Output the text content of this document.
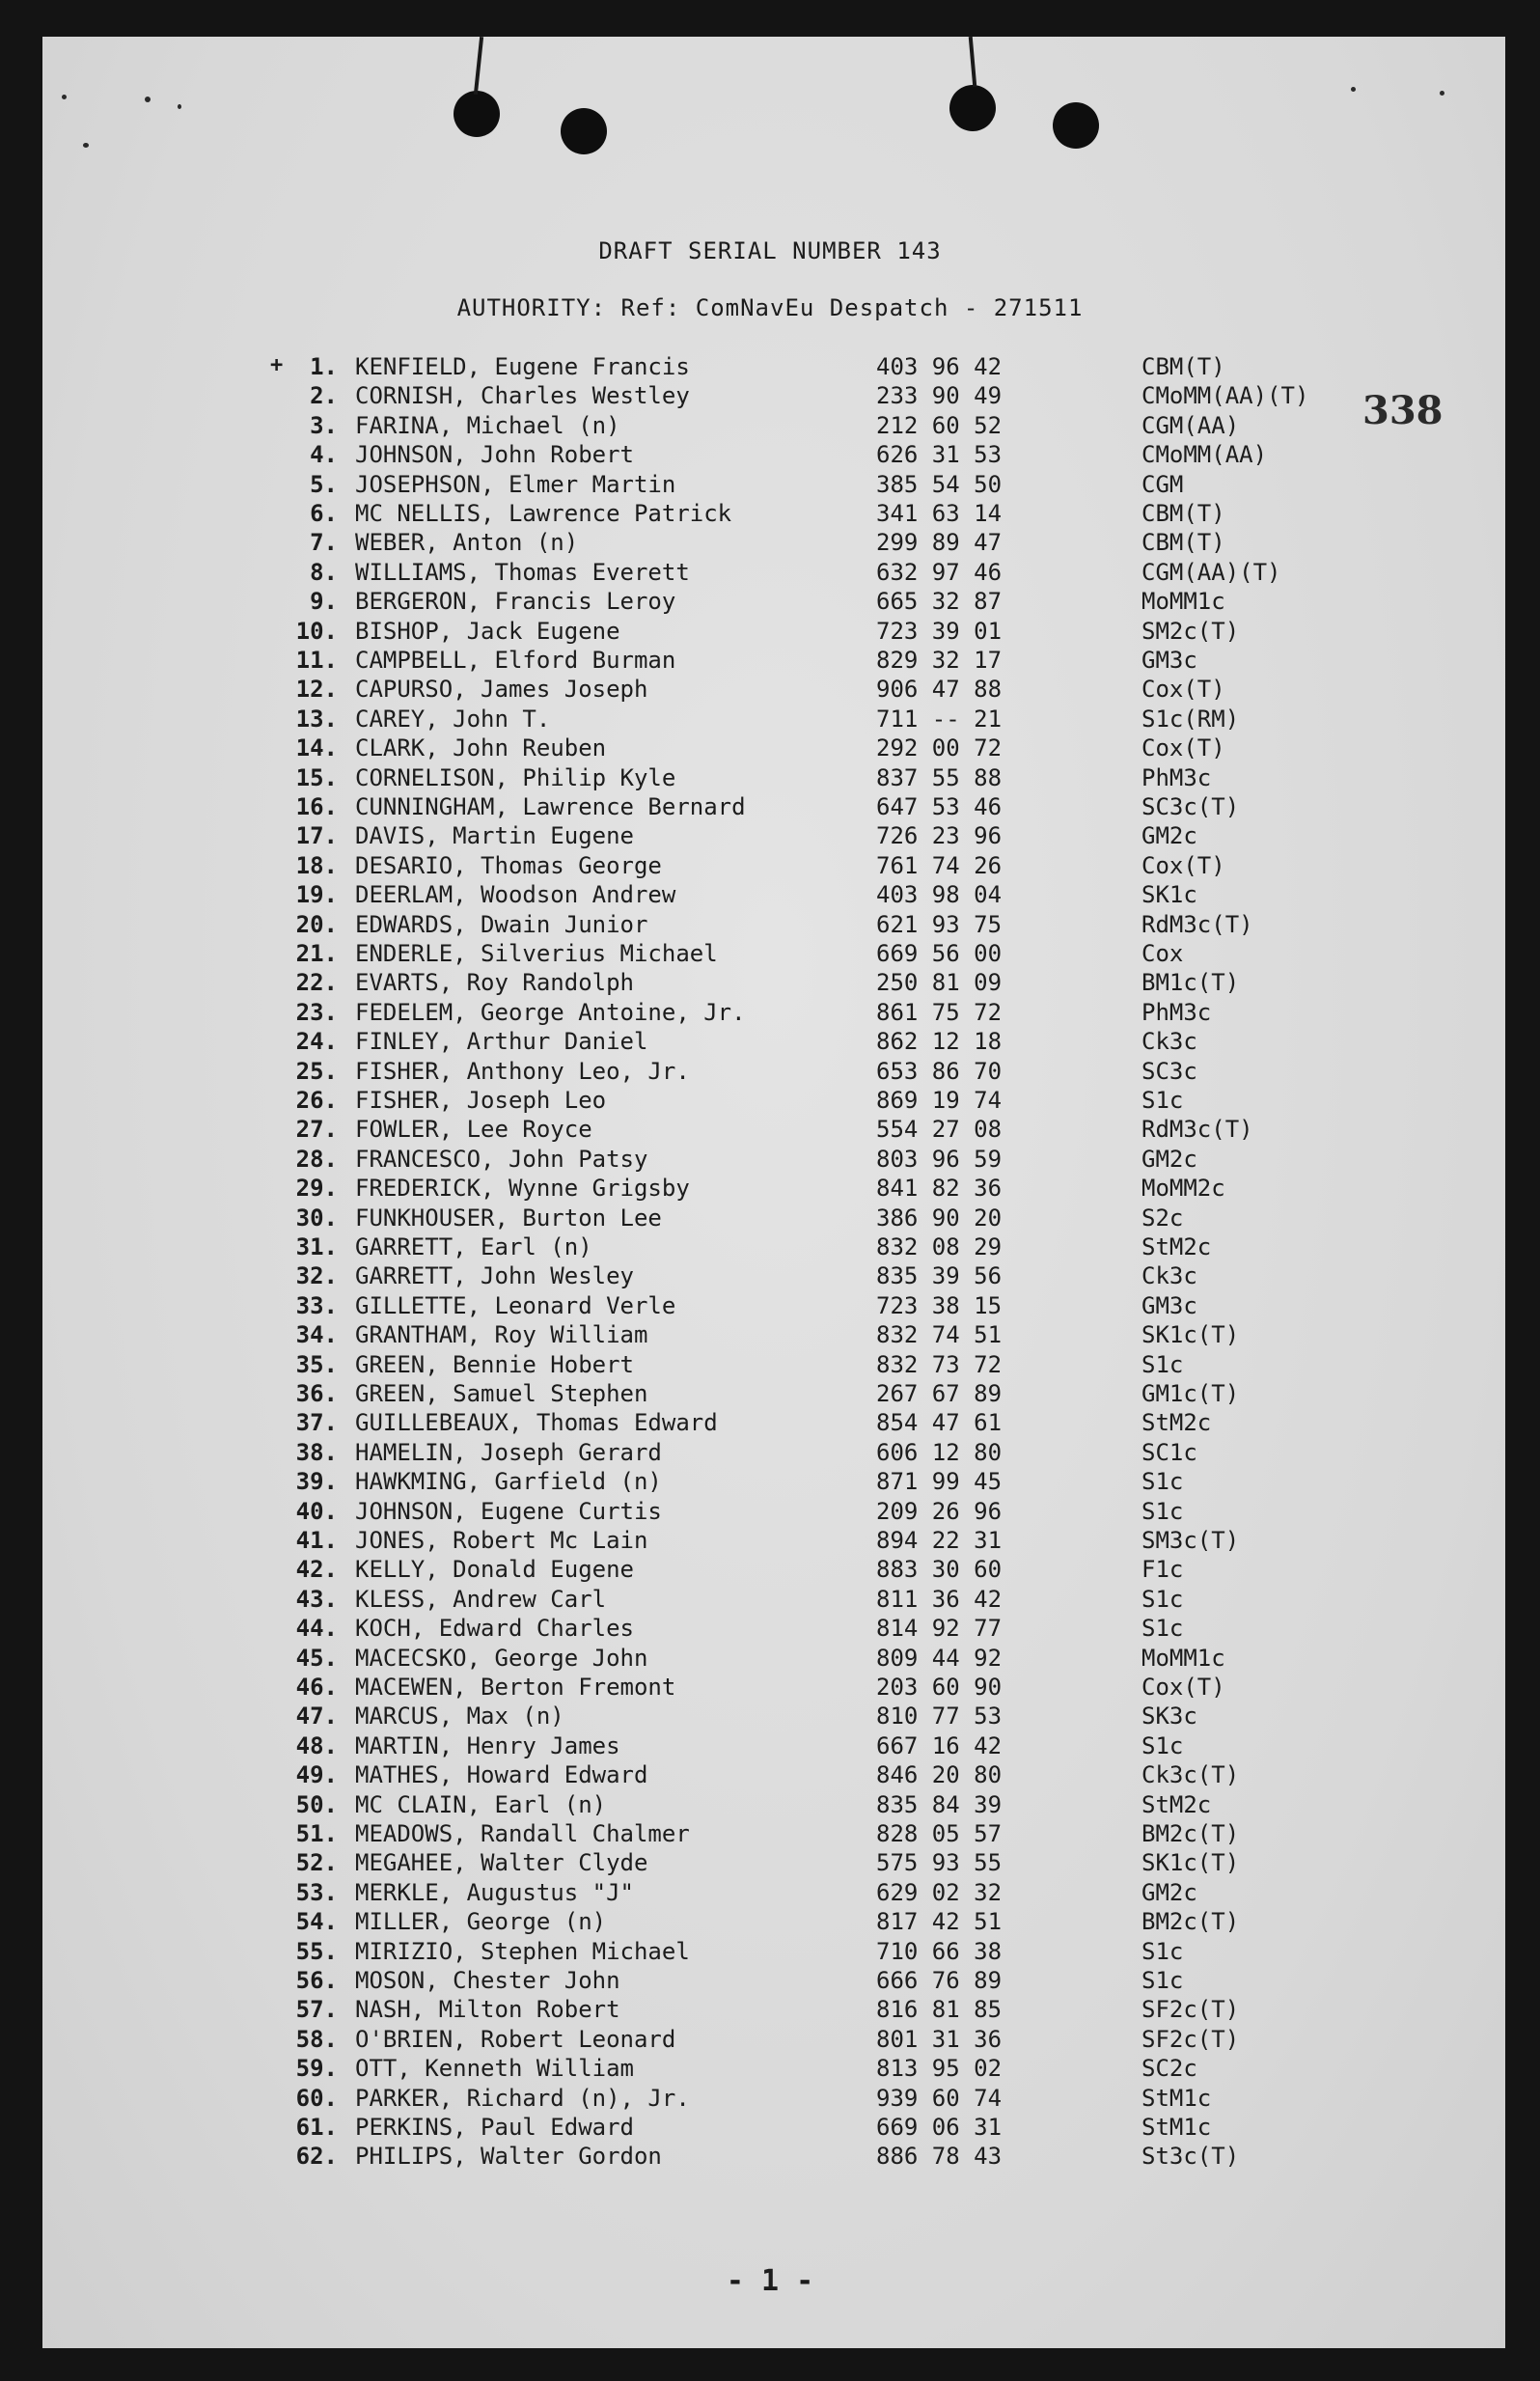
DRAFT SERIAL NUMBER 143
AUTHORITY: Ref: ComNavEu Despatch - 271511
338
+	1. KENFIELD, Eugene Francis	403 96 42	CBM(T)
2. CORNISH, Charles Westley	233 90 49	CMoMM(AA)(T)
3. FARINA, Michael (n)	212 60 52	CGM(AA)
4. JOHNSON, John Robert	626 31 53	CMoMM(AA)
5. JOSEPHSON, Elmer Martin	385 54 50	CGM
6. MC NELLIS, Lawrence Patrick	341 63 14	CBM(T)
7. WEBER, Anton (n)	299 89 47	CBM(T)
8. WILLIAMS, Thomas Everett	632 97 46	CGM(AA)(T)
9. BERGERON, Francis Leroy	665 32 87	MoMM1c
10. BISHOP, Jack Eugene	723 39 01	SM2c(T)
11. CAMPBELL, Elford Burman	829 32 17	GM3c
12. CAPURSO, James Joseph	906 47 88	Cox(T)
13. CAREY, John T.	711 -- 21	S1c(RM)
14. CLARK, John Reuben	292 00 72	Cox(T)
15. CORNELISON, Philip Kyle	837 55 88	PhM3c
16. CUNNINGHAM, Lawrence Bernard	647 53 46	SC3c(T)
17. DAVIS, Martin Eugene	726 23 96	GM2c
18. DESARIO, Thomas George	761 74 26	Cox(T)
19. DEERLAM, Woodson Andrew	403 98 04	SK1c
20. EDWARDS, Dwain Junior	621 93 75	RdM3c(T)
21. ENDERLE, Silverius Michael	669 56 00	Cox
22. EVARTS, Roy Randolph	250 81 09	BM1c(T)
23. FEDELEM, George Antoine, Jr.	861 75 72	PhM3c
24. FINLEY, Arthur Daniel	862 12 18	Ck3c
25. FISHER, Anthony Leo, Jr.	653 86 70	SC3c
26. FISHER, Joseph Leo	869 19 74	S1c
27. FOWLER, Lee Royce	554 27 08	RdM3c(T)
28. FRANCESCO, John Patsy	803 96 59	GM2c
29. FREDERICK, Wynne Grigsby	841 82 36	MoMM2c
30. FUNKHOUSER, Burton Lee	386 90 20	S2c
31. GARRETT, Earl (n)	832 08 29	StM2c
32. GARRETT, John Wesley	835 39 56	Ck3c
33. GILLETTE, Leonard Verle	723 38 15	GM3c
34. GRANTHAM, Roy William	832 74 51	SK1c(T)
35. GREEN, Bennie Hobert	832 73 72	S1c
36. GREEN, Samuel Stephen	267 67 89	GM1c(T)
37. GUILLEBEAUX, Thomas Edward	854 47 61	StM2c
38. HAMELIN, Joseph Gerard	606 12 80	SC1c
39. HAWKMING, Garfield (n)	871 99 45	S1c
40. JOHNSON, Eugene Curtis	209 26 96	S1c
41. JONES, Robert Mc Lain	894 22 31	SM3c(T)
42. KELLY, Donald Eugene	883 30 60	F1c
43. KLESS, Andrew Carl	811 36 42	S1c
44. KOCH, Edward Charles	814 92 77	S1c
45. MACECSKO, George John	809 44 92	MoMM1c
46. MACEWEN, Berton Fremont	203 60 90	Cox(T)
47. MARCUS, Max (n)	810 77 53	SK3c
48. MARTIN, Henry James	667 16 42	S1c
49. MATHES, Howard Edward	846 20 80	Ck3c(T)
50. MC CLAIN, Earl (n)	835 84 39	StM2c
51. MEADOWS, Randall Chalmer	828 05 57	BM2c(T)
52. MEGAHEE, Walter Clyde	575 93 55	SK1c(T)
53. MERKLE, Augustus "J"	629 02 32	GM2c
54. MILLER, George (n)	817 42 51	BM2c(T)
55. MIRIZIO, Stephen Michael	710 66 38	S1c
56. MOSON, Chester John	666 76 89	S1c
57. NASH, Milton Robert	816 81 85	SF2c(T)
58. O'BRIEN, Robert Leonard	801 31 36	SF2c(T)
59. OTT, Kenneth William	813 95 02	SC2c
60. PARKER, Richard (n), Jr.	939 60 74	StM1c
61. PERKINS, Paul Edward	669 06 31	StM1c
62. PHILIPS, Walter Gordon	886 78 43	St3c(T)
- 1 -
